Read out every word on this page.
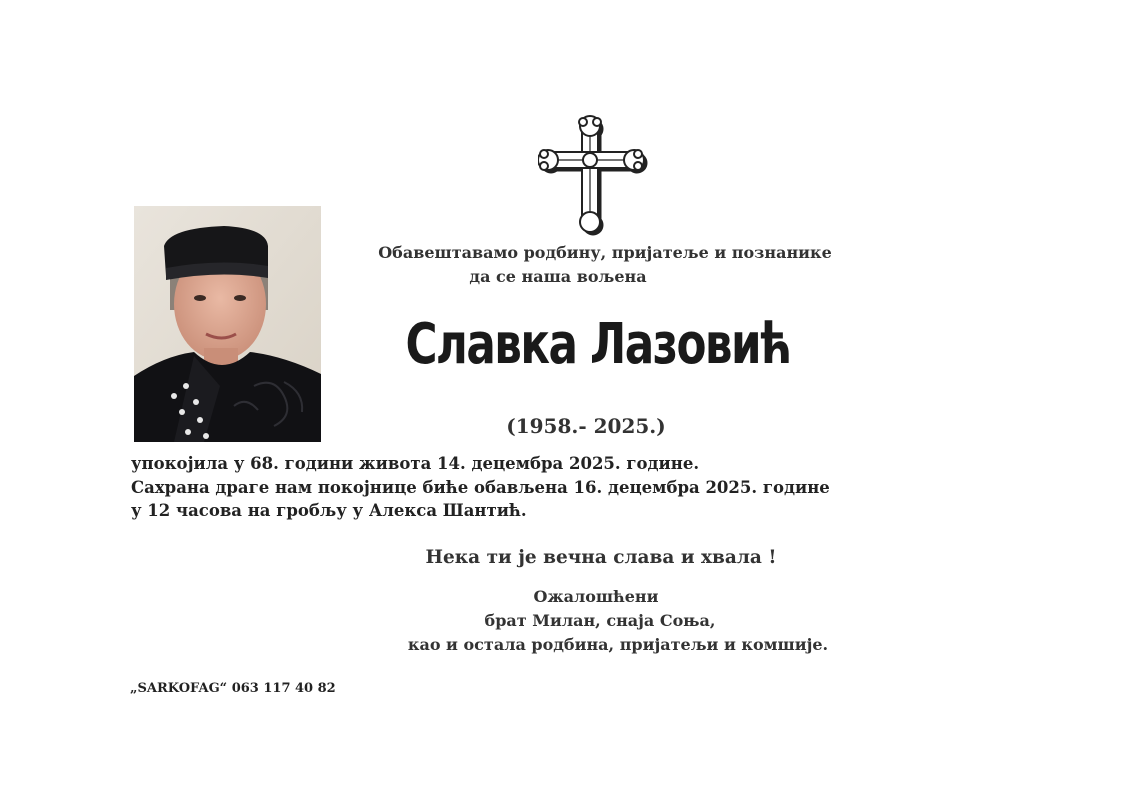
Обавештавамо родбину, пријатеље и познанике
да се наша вољена
Славка Лазовић
(1958.- 2025.)
упокојила у 68. години живота 14. децембра 2025. године.
Сахрана драге нам покојнице биће обављена 16. децембра 2025. године
у 12 часова на гробљу у Алекса Шантић.
Нека ти је вечна слава и хвала !
Ожалошћени
брат Милан, снаја Соња,
као и остала родбина, пријатељи и комшије.
„SARKOFAG“ 063 117 40 82
